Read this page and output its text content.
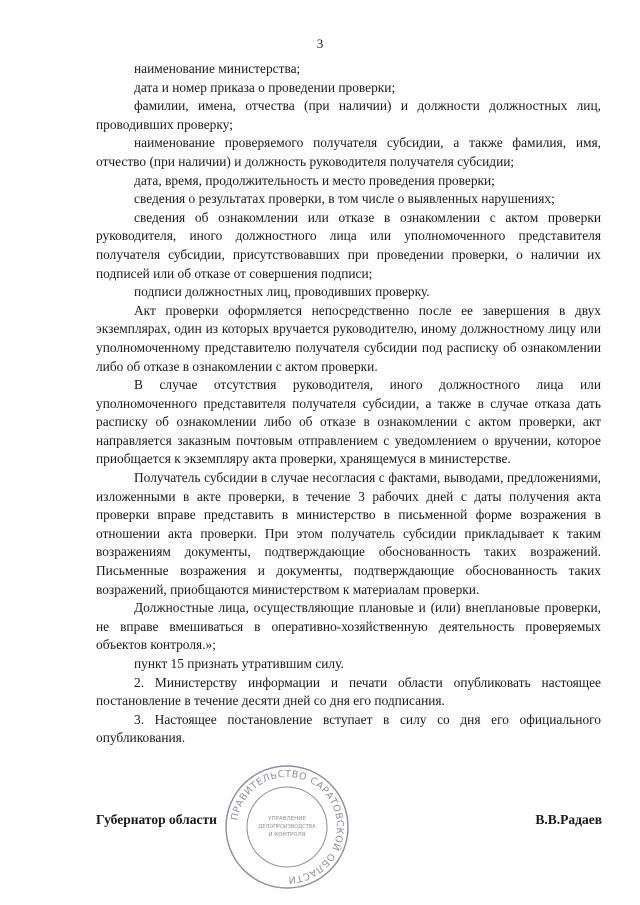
3

наименование министерства;

дата и номер приказа о проведении проверки;

фамилии, имена, отчества (при наличии) и должности должностных лиц, проводивших проверку;

наименование проверяемого получателя субсидии, а также фамилия, имя, отчество (при наличии) и должность руководителя получателя субсидии;

дата, время, продолжительность и место проведения проверки;

сведения о результатах проверки, в том числе о выявленных нарушениях;

сведения об ознакомлении или отказе в ознакомлении с актом проверки руководителя, иного должностного лица или уполномоченного представителя получателя субсидии, присутствовавших при проведении проверки, о наличии их подписей или об отказе от совершения подписи;

подписи должностных лиц, проводивших проверку.

Акт проверки оформляется непосредственно после ее завершения в двух экземплярах, один из которых вручается руководителю, иному должностному лицу или уполномоченному представителю получателя субсидии под расписку об ознакомлении либо об отказе в ознакомлении с актом проверки.

В случае отсутствия руководителя, иного должностного лица или уполномоченного представителя получателя субсидии, а также в случае отказа дать расписку об ознакомлении либо об отказе в ознакомлении с актом проверки, акт направляется заказным почтовым отправлением с уведомлением о вручении, которое приобщается к экземпляру акта проверки, хранящемуся в министерстве.

Получатель субсидии в случае несогласия с фактами, выводами, предложениями, изложенными в акте проверки, в течение 3 рабочих дней с даты получения акта проверки вправе представить в министерство в письменной форме возражения в отношении акта проверки. При этом получатель субсидии прикладывает к таким возражениям документы, подтверждающие обоснованность таких возражений. Письменные возражения и документы, подтверждающие обоснованность таких возражений, приобщаются министерством к материалам проверки.

Должностные лица, осуществляющие плановые и (или) внеплановые проверки, не вправе вмешиваться в оперативно-хозяйственную деятельность проверяемых объектов контроля.»;

пункт 15 признать утратившим силу.

2. Министерству информации и печати области опубликовать настоящее постановление в течение десяти дней со дня его подписания.

3. Настоящее постановление вступает в силу со дня его официального опубликования.

ПРАВИТЕЛЬСТВО САРАТОВСКОЙ ОБЛАСТИ
УПРАВЛЕНИЕ
ДЕЛОПРОИЗВОДСТВА
И КОНТРОЛЯ
Губернатор области	В.В.Радаев
